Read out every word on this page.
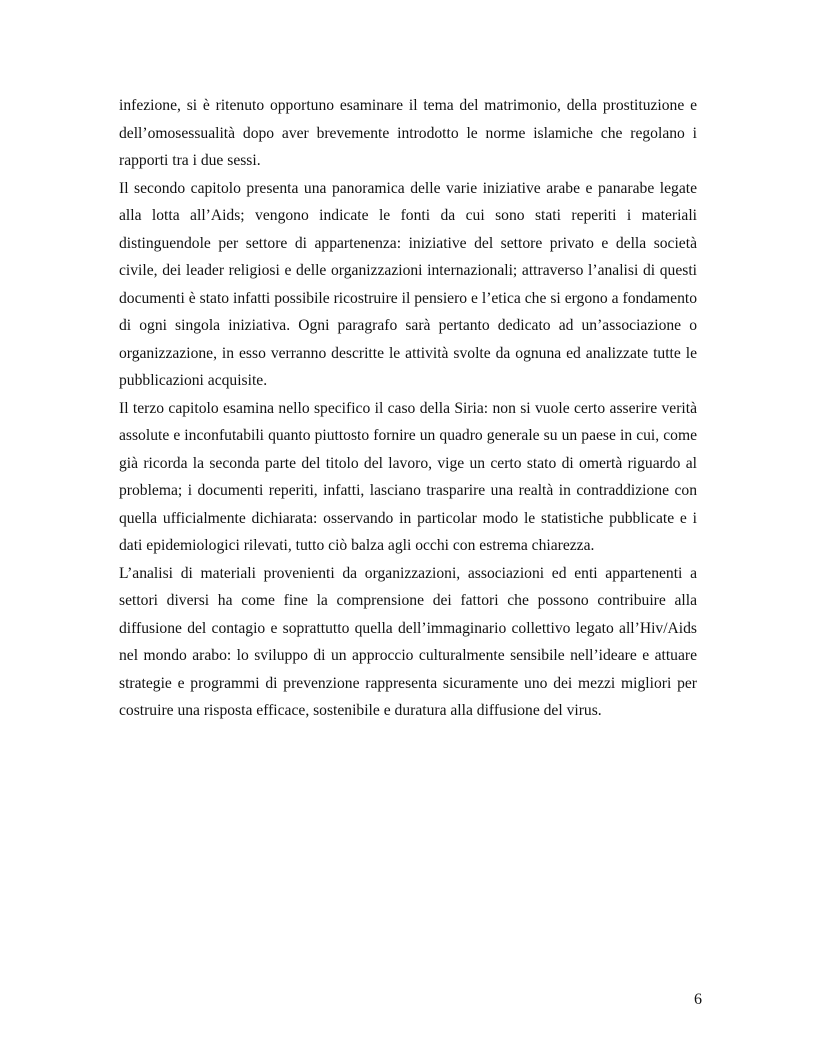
infezione, si è ritenuto opportuno esaminare il tema del matrimonio, della prostituzione e dell’omosessualità dopo aver brevemente introdotto le norme islamiche che regolano i rapporti tra i due sessi.

Il secondo capitolo presenta una panoramica delle varie iniziative arabe e panarabe legate alla lotta all’Aids; vengono indicate le fonti da cui sono stati reperiti i materiali distinguendole per settore di appartenenza: iniziative del settore privato e della società civile, dei leader religiosi e delle organizzazioni internazionali; attraverso l’analisi di questi documenti è stato infatti possibile ricostruire il pensiero e l’etica che si ergono a fondamento di ogni singola iniziativa. Ogni paragrafo sarà pertanto dedicato ad un’associazione o organizzazione, in esso verranno descritte le attività svolte da ognuna ed analizzate tutte le pubblicazioni acquisite.

Il terzo capitolo esamina nello specifico il caso della Siria: non si vuole certo asserire verità assolute e inconfutabili quanto piuttosto fornire un quadro generale su un paese in cui, come già ricorda la seconda parte del titolo del lavoro, vige un certo stato di omertà riguardo al problema; i documenti reperiti, infatti, lasciano trasparire una realtà in contraddizione con quella ufficialmente dichiarata: osservando in particolar modo le statistiche pubblicate e i dati epidemiologici rilevati, tutto ciò balza agli occhi con estrema chiarezza.

L’analisi di materiali provenienti da organizzazioni, associazioni ed enti appartenenti a settori diversi ha come fine la comprensione dei fattori che possono contribuire alla diffusione del contagio e soprattutto quella dell’immaginario collettivo legato all’Hiv/Aids nel mondo arabo: lo sviluppo di un approccio culturalmente sensibile nell’ideare e attuare strategie e programmi di prevenzione rappresenta sicuramente uno dei mezzi migliori per costruire una risposta efficace, sostenibile e duratura alla diffusione del virus.

6
